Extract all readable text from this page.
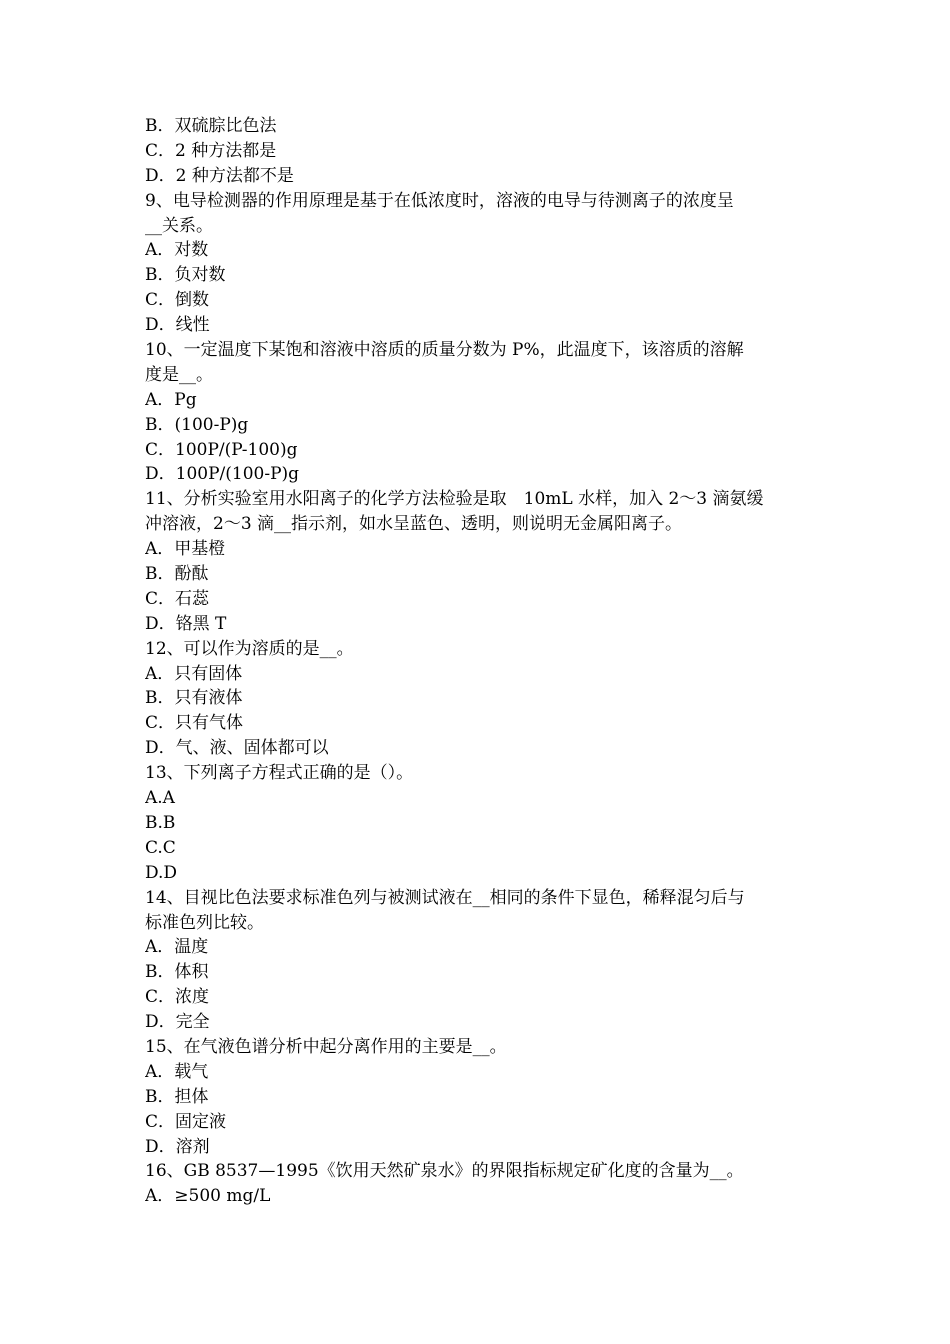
B．双硫腙比色法
C．2 种方法都是
D．2 种方法都不是
9、电导检测器的作用原理是基于在低浓度时，溶液的电导与待测离子的浓度呈
__关系。
A．对数
B．负对数
C．倒数
D．线性
10、一定温度下某饱和溶液中溶质的质量分数为 P%，此温度下，该溶质的溶解
度是__。
A．Pg
B．(100-P)g
C．100P/(P-100)g
D．100P/(100-P)g
11、分析实验室用水阳离子的化学方法检验是取　10mL 水样，加入 2～3 滴氨缓
冲溶液，2～3 滴__指示剂，如水呈蓝色、透明，则说明无金属阳离子。
A．甲基橙
B．酚酞
C．石蕊
D．铬黑 T
12、可以作为溶质的是__。
A．只有固体
B．只有液体
C．只有气体
D．气、液、固体都可以
13、下列离子方程式正确的是（）。
A.A
B.B
C.C
D.D
14、目视比色法要求标准色列与被测试液在__相同的条件下显色，稀释混匀后与
标准色列比较。
A．温度
B．体积
C．浓度
D．完全
15、在气液色谱分析中起分离作用的主要是__。
A．载气
B．担体
C．固定液
D．溶剂
16、GB 8537—1995《饮用天然矿泉水》的界限指标规定矿化度的含量为__。
A．≥500 mg/L
